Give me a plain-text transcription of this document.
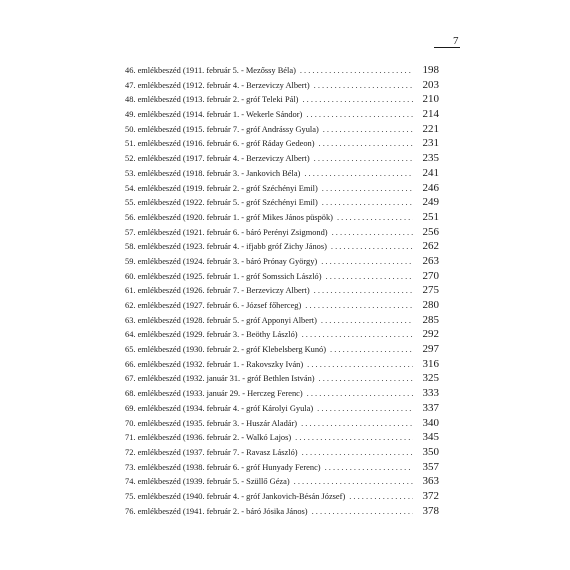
7
46. emlékbeszéd (1911. február 5. - Mezőssy Béla) . . .	198
47. emlékbeszéd (1912. február 4. - Berzeviczy Albert) . . .	203
48. emlékbeszéd (1913. február 2. - gróf Teleki Pál) . . .	210
49. emlékbeszéd (1914. február 1. - Wekerle Sándor) . . .	214
50. emlékbeszéd (1915. február 7. - gróf Andrássy Gyula) . . .	221
51. emlékbeszéd (1916. február 6. - gróf Ráday Gedeon) . . .	231
52. emlékbeszéd (1917. február 4. - Berzeviczy Albert) . . .	235
53. emlékbeszéd (1918. február 3. - Jankovich Béla) . . .	241
54. emlékbeszéd (1919. február 2. - gróf Széchényi Emil) . . .	246
55. emlékbeszéd (1922. február 5. - gróf Széchényi Emil) . . .	249
56. emlékbeszéd (1920. február 1. - gróf Mikes János püspök) . . .	251
57. emlékbeszéd (1921. február 6. - báró Perényi Zsigmond) . . .	256
58. emlékbeszéd (1923. február 4. - ifjabb gróf Zichy János) . . .	262
59. emlékbeszéd (1924. február 3. - báró Prónay György) . . .	263
60. emlékbeszéd (1925. február 1. - gróf Somssich László) . . .	270
61. emlékbeszéd (1926. február 7. - Berzeviczy Albert) . . .	275
62. emlékbeszéd (1927. február 6. - József főherceg) . . .	280
63. emlékbeszéd (1928. február 5. - gróf Apponyi Albert) . . .	285
64. emlékbeszéd (1929. február 3. - Beöthy László) . . .	292
65. emlékbeszéd (1930. február 2. - gróf Klebelsberg Kunó) . . .	297
66. emlékbeszéd (1932. február 1. - Rakovszky Iván) . . .	316
67. emlékbeszéd (1932. január 31. - gróf Bethlen István) . . .	325
68. emlékbeszéd (1933. január 29. - Herczeg Ferenc) . . .	333
69. emlékbeszéd (1934. február 4. - gróf Károlyi Gyula) . . .	337
70. emlékbeszéd (1935. február 3. - Huszár Aladár) . . .	340
71. emlékbeszéd (1936. február 2. - Walkó Lajos) . . .	345
72. emlékbeszéd (1937. február 7. - Ravasz László) . . .	350
73. emlékbeszéd (1938. február 6. - gróf Hunyady Ferenc) . . .	357
74. emlékbeszéd (1939. február 5. - Szüllő Géza) . . .	363
75. emlékbeszéd (1940. február 4. - gróf Jankovich-Bésán József) . . .	372
76. emlékbeszéd (1941. február 2. - báró Jósika János) . . .	378
